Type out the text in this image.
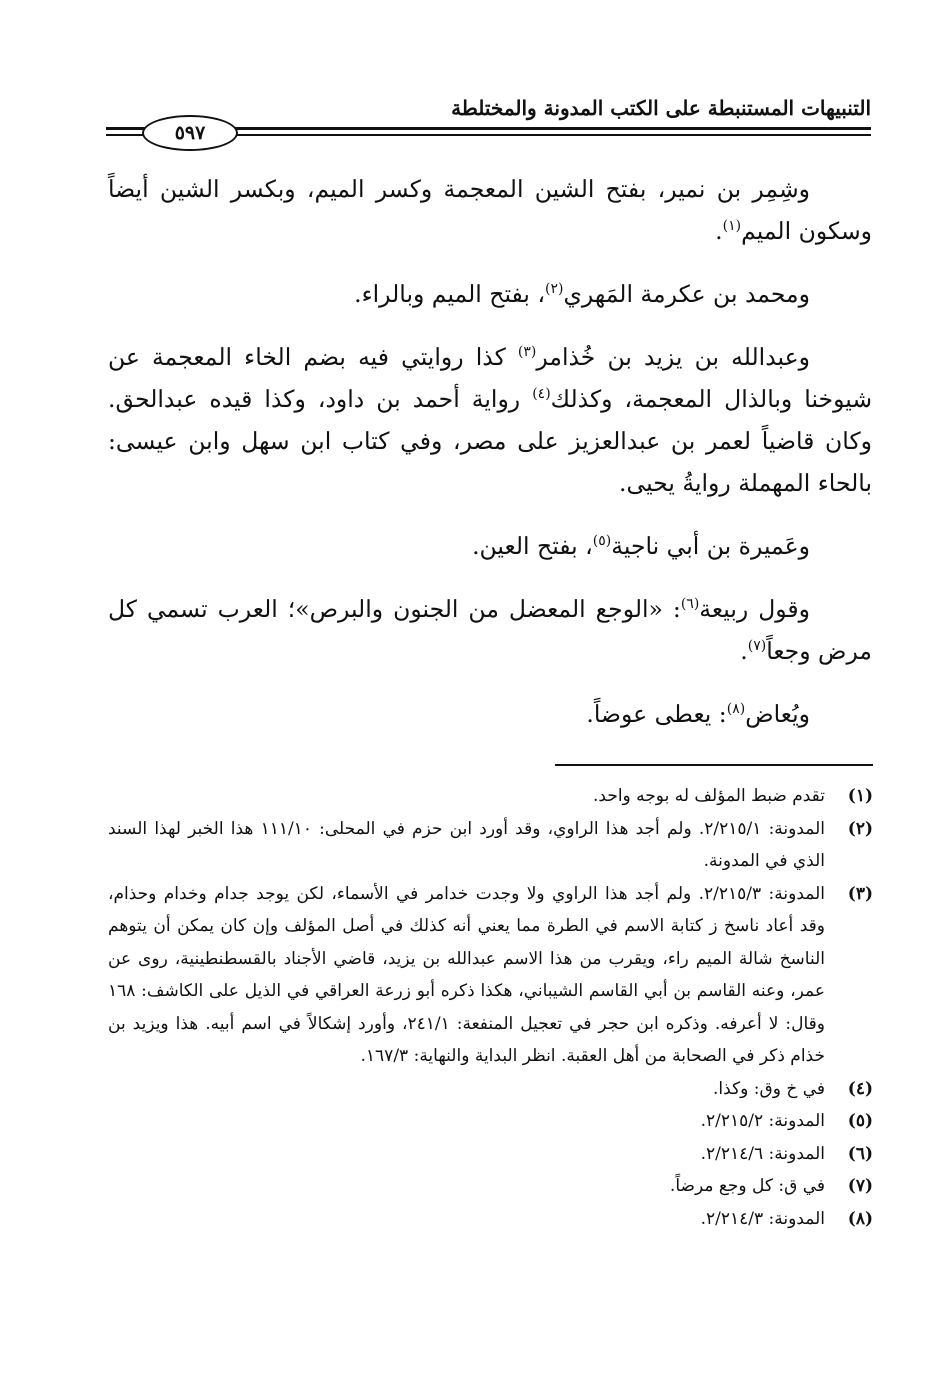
التنبيهات المستنبطة على الكتب المدونة والمختلطة
٥٩٧

وشِمِر بن نمير، بفتح الشين المعجمة وكسر الميم، وبكسر الشين أيضاً وسكون الميم$^{(١)}$.

ومحمد بن عكرمة المَهري$^{(٢)}$، بفتح الميم وبالراء.

وعبدالله بن يزيد بن خُذامر$^{(٣)}$ كذا روايتي فيه بضم الخاء المعجمة عن شيوخنا وبالذال المعجمة، وكذلك$^{(٤)}$ رواية أحمد بن داود، وكذا قيده عبدالحق. وكان قاضياً لعمر بن عبدالعزيز على مصر، وفي كتاب ابن سهل وابن عيسى: بالحاء المهملة روايةُ يحيى.

وعَميرة بن أبي ناجية$^{(٥)}$، بفتح العين.

وقول ربيعة$^{(٦)}$: «الوجع المعضل من الجنون والبرص»؛ العرب تسمي كل مرض وجعاً$^{(٧)}$.

ويُعاض$^{(٨)}$: يعطى عوضاً.

(١)
تقدم ضبط المؤلف له بوجه واحد.
(٢)
المدونة: ٢/٢١٥/١. ولم أجد هذا الراوي، وقد أورد ابن حزم في المحلى: ١١١/١٠ هذا الخبر لهذا السند الذي في المدونة.
(٣)
المدونة: ٢/٢١٥/٣. ولم أجد هذا الراوي ولا وجدت خدامر في الأسماء، لكن يوجد جدام وخدام وحذام، وقد أعاد ناسخ ز كتابة الاسم في الطرة مما يعني أنه كذلك في أصل المؤلف وإن كان يمكن أن يتوهم الناسخ شالة الميم راء، ويقرب من هذا الاسم عبدالله بن يزيد، قاضي الأجناد بالقسطنطينية، روى عن عمر، وعنه القاسم بن أبي القاسم الشيباني، هكذا ذكره أبو زرعة العراقي في الذيل على الكاشف: ١٦٨ وقال: لا أعرفه. وذكره ابن حجر في تعجيل المنفعة: ٢٤١/١، وأورد إشكالاً في اسم أبيه. هذا ويزيد بن خذام ذكر في الصحابة من أهل العقبة. انظر البداية والنهاية: ١٦٧/٣.
(٤)
في خ وق: وكذا.
(٥)
المدونة: ٢/٢١٥/٢.
(٦)
المدونة: ٢/٢١٤/٦.
(٧)
في ق: كل وجع مرضاً.
(٨)
المدونة: ٢/٢١٤/٣.
